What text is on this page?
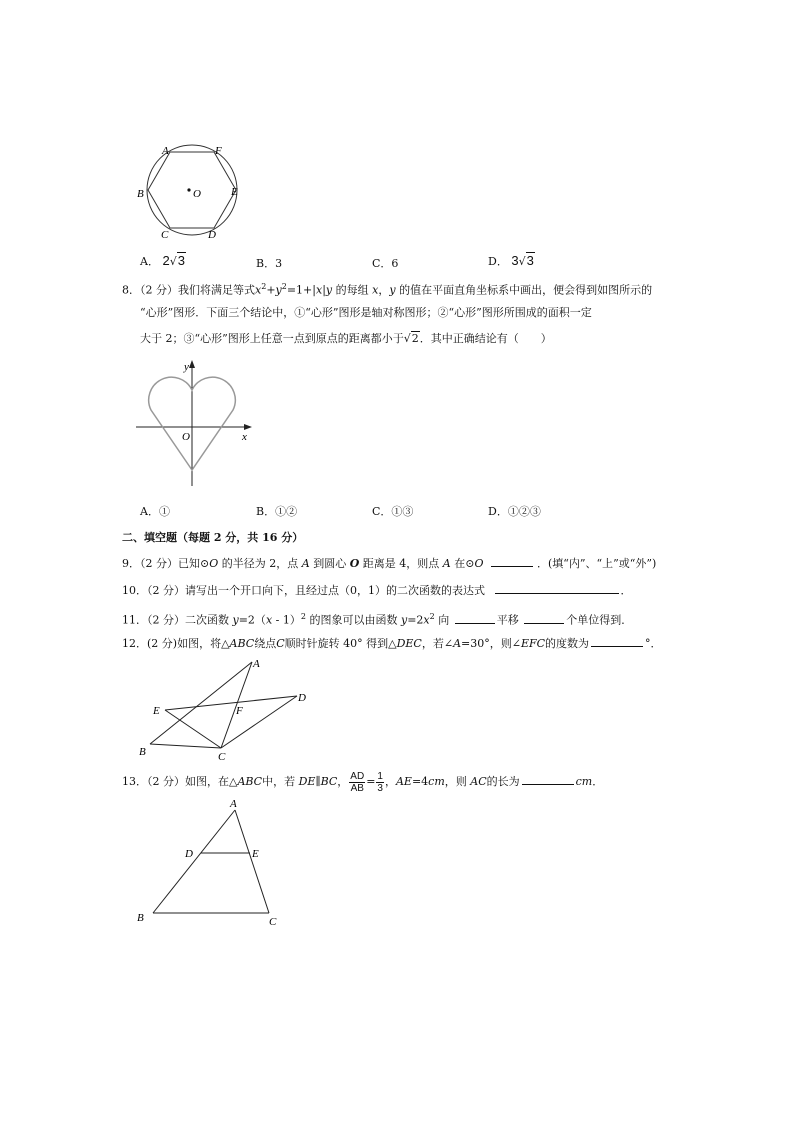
A	F
B	O	E
C	D
A． 2√3	B．3	C．6	D． 3√3
8．（2 分）我们将满足等式$x^2+y^2=1+|x|y$ 的每组 x，y 的值在平面直角坐标系中画出，便会得到如图所示的
“心形”图形．下面三个结论中，①“心形”图形是轴对称图形；②“心形”图形所围成的面积一定
大于 2；③“心形”图形上任意一点到原点的距离都小于√2．其中正确结论有（　　）
y
x
O
A．①	B．①②	C．①③	D．①②③
二、填空题（每题 2 分，共 16 分）
9．（2 分）已知⊙O 的半径为 2，点 A 到圆心 O 距离是 4，则点 A 在⊙O	．(填“内”、“上”或“外”)
10．（2 分）请写出一个开口向下，且经过点（0，1）的二次函数的表达式	．
11．（2 分）二次函数 y=2（x - 1）$^2$ 的图象可以由函数 $y=2x^2$ 向	平移	个单位得到．
12．(2 分)如图，将△ABC绕点C顺时针旋转 40° 得到△DEC，若∠A=30°，则∠EFC的度数为	°．
A
D
E	F
B	C
13．（2 分）如图，在△ABC中，若 DE∥BC， $\frac{AD}{AB} = \frac{1}{3}$ ，AE=4cm，则 AC的长为	cm．
A
D	E
B	C
